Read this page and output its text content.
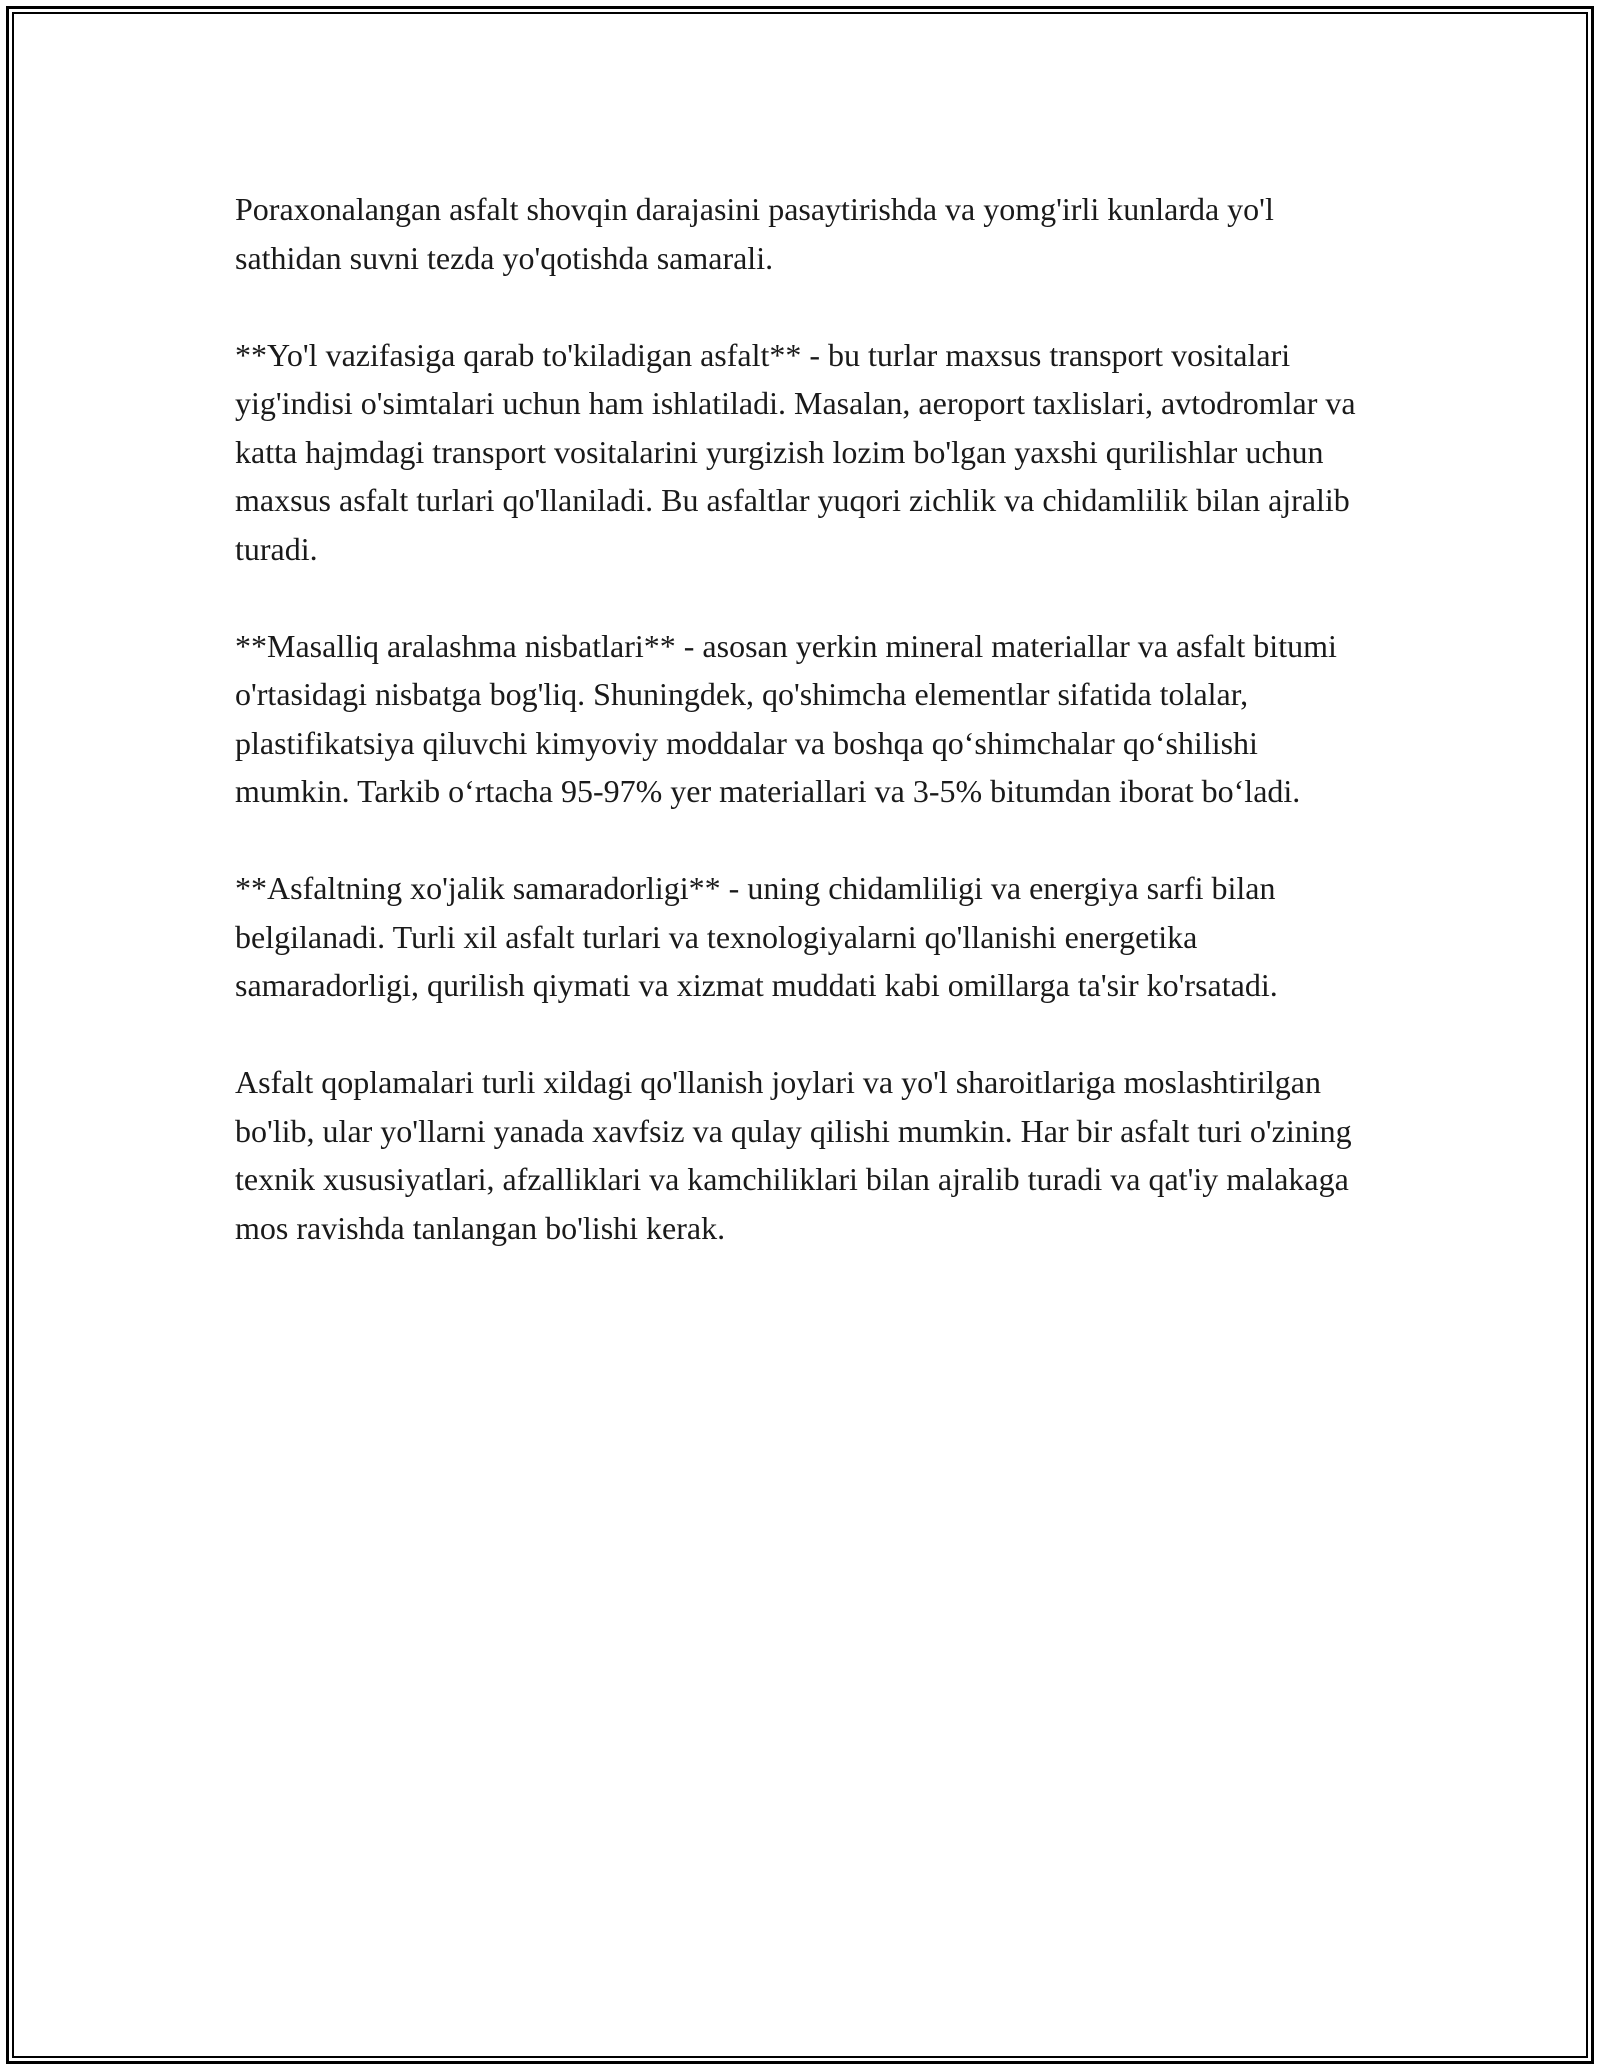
Poraxonalangan asfalt shovqin darajasini pasaytirishda va yomg'irli kunlarda yo'l sathidan suvni tezda yo'qotishda samarali.

**Yo'l vazifasiga qarab to'kiladigan asfalt** - bu turlar maxsus transport vositalari yig'indisi o'simtalari uchun ham ishlatiladi. Masalan, aeroport taxlislari, avtodromlar va katta hajmdagi transport vositalarini yurgizish lozim bo'lgan yaxshi qurilishlar uchun maxsus asfalt turlari qo'llaniladi. Bu asfaltlar yuqori zichlik va chidamlilik bilan ajralib turadi.

**Masalliq aralashma nisbatlari** - asosan yerkin mineral materiallar va asfalt bitumi o'rtasidagi nisbatga bog'liq. Shuningdek, qo'shimcha elementlar sifatida tolalar, plastifikatsiya qiluvchi kimyoviy moddalar va boshqa qo‘shimchalar qo‘shilishi mumkin. Tarkib o‘rtacha 95-97% yer materiallari va 3-5% bitumdan iborat bo‘ladi.

**Asfaltning xo'jalik samaradorligi** - uning chidamliligi va energiya sarfi bilan belgilanadi. Turli xil asfalt turlari va texnologiyalarni qo'llanishi energetika samaradorligi, qurilish qiymati va xizmat muddati kabi omillarga ta'sir ko'rsatadi.

Asfalt qoplamalari turli xildagi qo'llanish joylari va yo'l sharoitlariga moslashtirilgan bo'lib, ular yo'llarni yanada xavfsiz va qulay qilishi mumkin. Har bir asfalt turi o'zining texnik xususiyatlari, afzalliklari va kamchiliklari bilan ajralib turadi va qat'iy malakaga mos ravishda tanlangan bo'lishi kerak.
